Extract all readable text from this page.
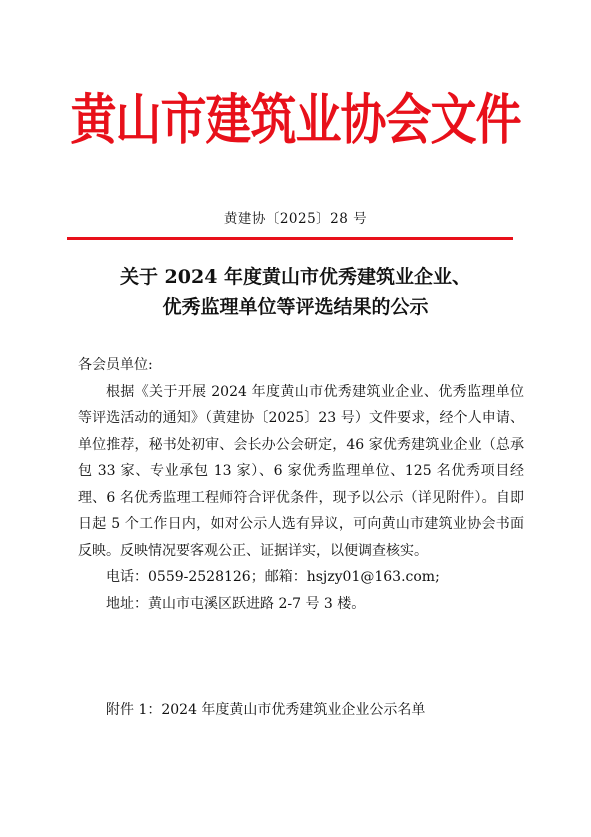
黄山市建筑业协会文件
黄建协〔2025〕28 号
关于 2024 年度黄山市优秀建筑业企业、
优秀监理单位等评选结果的公示
各会员单位:
根据《关于开展 2024 年度黄山市优秀建筑业企业、优秀监理单位等评选活动的通知》（黄建协〔2025〕23 号）文件要求，经个人申请、单位推荐，秘书处初审、会长办公会研定，46 家优秀建筑业企业（总承包 33 家、专业承包 13 家）、6 家优秀监理单位、125 名优秀项目经理、6 名优秀监理工程师符合评优条件，现予以公示（详见附件）。自即日起 5 个工作日内，如对公示人选有异议，可向黄山市建筑业协会书面反映。反映情况要客观公正、证据详实，以便调查核实。
电话：0559-2528126；邮箱：hsjzy01@163.com;
地址：黄山市屯溪区跃进路 2-7 号 3 楼。
附件 1：2024 年度黄山市优秀建筑业企业公示名单
